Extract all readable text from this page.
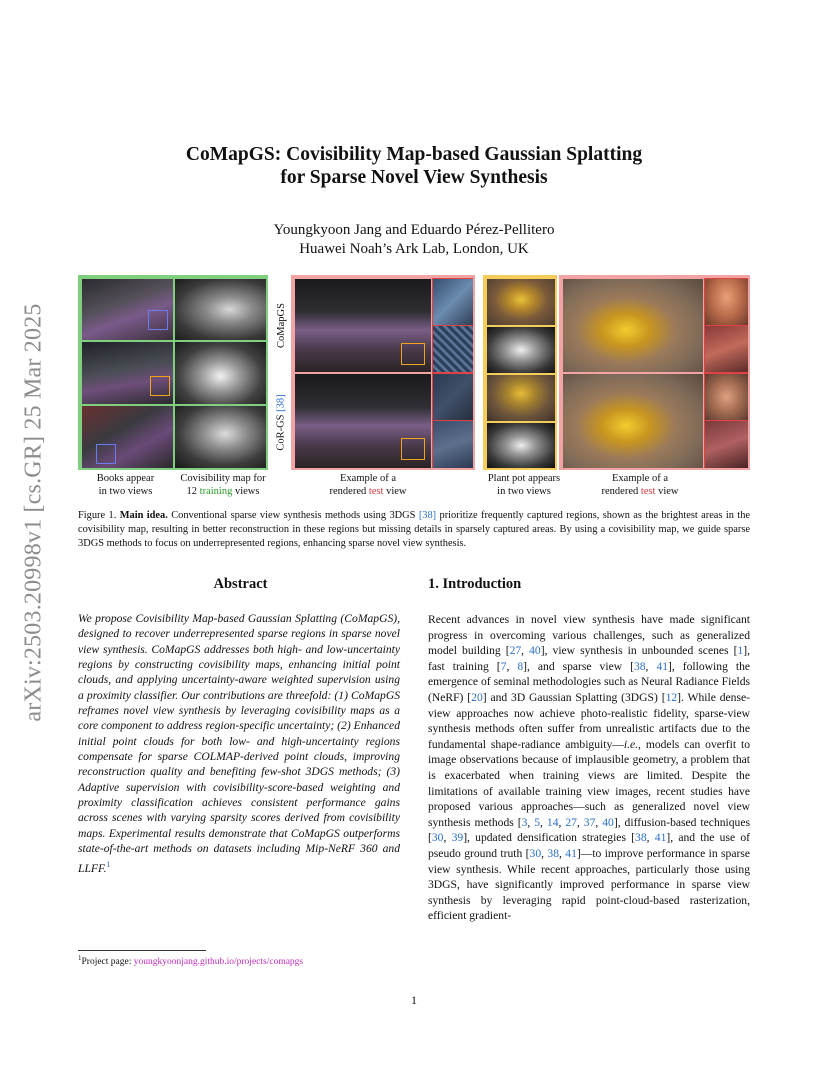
arXiv:2503.20998v1 [cs.GR] 25 Mar 2025
CoMapGS: Covisibility Map-based Gaussian Splatting
for Sparse Novel View Synthesis
Youngkyoon Jang and Eduardo Pérez-Pellitero
Huawei Noah’s Ark Lab, London, UK
CoMapGS
CoR-GS [38]
Books appear
in two views
Covisibility map for
12 training views
Example of a
rendered test view
Plant pot appears
in two views
Example of a
rendered test view
Figure 1. Main idea. Conventional sparse view synthesis methods using 3DGS [38] prioritize frequently captured regions, shown as the brightest areas in the covisibility map, resulting in better reconstruction in these regions but missing details in sparsely captured areas. By using a covisibility map, we guide sparse 3DGS methods to focus on underrepresented regions, enhancing sparse novel view synthesis.
Abstract
We propose Covisibility Map-based Gaussian Splatting (CoMapGS), designed to recover underrepresented sparse regions in sparse novel view synthesis. CoMapGS addresses both high- and low-uncertainty regions by constructing covisibility maps, enhancing initial point clouds, and applying uncertainty-aware weighted supervision using a proximity classifier. Our contributions are threefold: (1) CoMapGS reframes novel view synthesis by leveraging covisibility maps as a core component to address region-specific uncertainty; (2) Enhanced initial point clouds for both low- and high-uncertainty regions compensate for sparse COLMAP-derived point clouds, improving reconstruction quality and benefiting few-shot 3DGS methods; (3) Adaptive supervision with covisibility-score-based weighting and proximity classification achieves consistent performance gains across scenes with varying sparsity scores derived from covisibility maps. Experimental results demonstrate that CoMapGS outperforms state-of-the-art methods on datasets including Mip-NeRF 360 and LLFF.$^1$
$^1$Project page: youngkyoonjang.github.io/projects/comapgs
1. Introduction
Recent advances in novel view synthesis have made significant progress in overcoming various challenges, such as generalized model building [27, 40], view synthesis in unbounded scenes [1], fast training [7, 8], and sparse view [38, 41], following the emergence of seminal methodologies such as Neural Radiance Fields (NeRF) [20] and 3D Gaussian Splatting (3DGS) [12]. While dense-view approaches now achieve photo-realistic fidelity, sparse-view synthesis methods often suffer from unrealistic artifacts due to the fundamental shape-radiance ambiguity—i.e., models can overfit to image observations because of implausible geometry, a problem that is exacerbated when training views are limited. Despite the limitations of available training view images, recent studies have proposed various approaches—such as generalized novel view synthesis methods [3, 5, 14, 27, 37, 40], diffusion-based techniques [30, 39], updated densification strategies [38, 41], and the use of pseudo ground truth [30, 38, 41]—to improve performance in sparse view synthesis. While recent approaches, particularly those using 3DGS, have significantly improved performance in sparse view synthesis by leveraging rapid point-cloud-based rasterization, efficient gradient-
1
